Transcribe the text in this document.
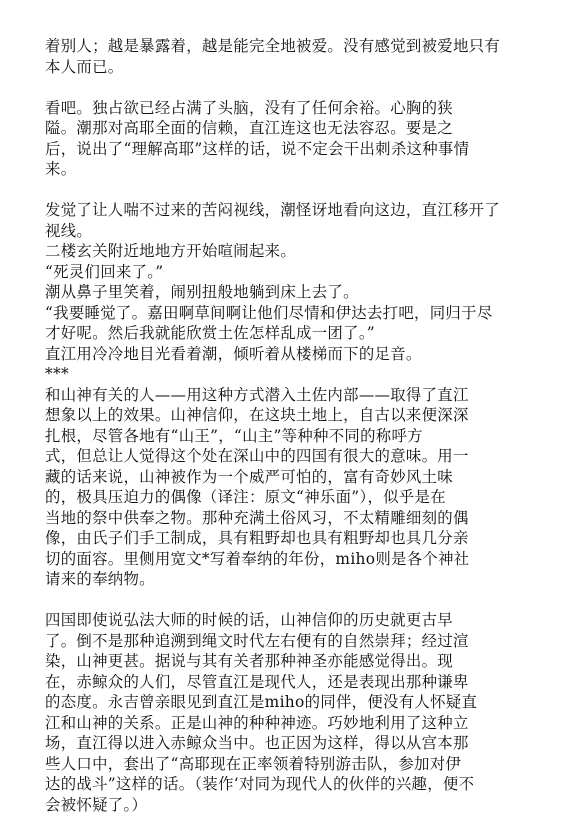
着别人；越是暴露着，越是能完全地被爱。没有感觉到被爱地只有
本人而已。
看吧。独占欲已经占满了头脑，没有了任何余裕。心胸的狭
隘。潮那对高耶全面的信赖，直江连这也无法容忍。要是之
后，说出了“理解高耶”这样的话，说不定会干出刺杀这种事情
来。
发觉了让人喘不过来的苦闷视线，潮怪讶地看向这边，直江移开了
视线。
二楼玄关附近地地方开始喧闹起来。
“死灵们回来了。”
潮从鼻子里笑着，闹别扭般地躺到床上去了。
“我要睡觉了。嘉田啊草间啊让他们尽情和伊达去打吧，同归于尽
才好呢。然后我就能欣赏土佐怎样乱成一团了。”
直江用冷冷地目光看着潮，倾听着从楼梯而下的足音。
***
和山神有关的人——用这种方式潜入土佐内部——取得了直江
想象以上的效果。山神信仰，在这块土地上，自古以来便深深
扎根，尽管各地有“山王”，“山主”等种种不同的称呼方
式，但总让人觉得这个处在深山中的四国有很大的意味。用一
藏的话来说，山神被作为一个威严可怕的，富有奇妙风土味
的，极具压迫力的偶像（译注：原文“神乐面”），似乎是在
当地的祭中供奉之物。那种充满土俗风习，不太精雕细刻的偶
像，由氏子们手工制成，具有粗野却也具有粗野却也具几分亲
切的面容。里侧用宽文*写着奉纳的年份，miho则是各个神社
请来的奉纳物。
四国即使说弘法大师的时候的话，山神信仰的历史就更古早
了。倒不是那种追溯到绳文时代左右便有的自然崇拜；经过渲
染，山神更甚。据说与其有关者那种神圣亦能感觉得出。现
在，赤鲸众的人们，尽管直江是现代人，还是表现出那种谦卑
的态度。永吉曾亲眼见到直江是miho的同伴，便没有人怀疑直
江和山神的关系。正是山神的种种神迹。巧妙地利用了这种立
场，直江得以进入赤鲸众当中。也正因为这样，得以从宫本那
些人口中，套出了“高耶现在正率领着特别游击队，参加对伊
达的战斗”这样的话。（装作‘对同为现代人的伙伴的兴趣，便不
会被怀疑了。）
